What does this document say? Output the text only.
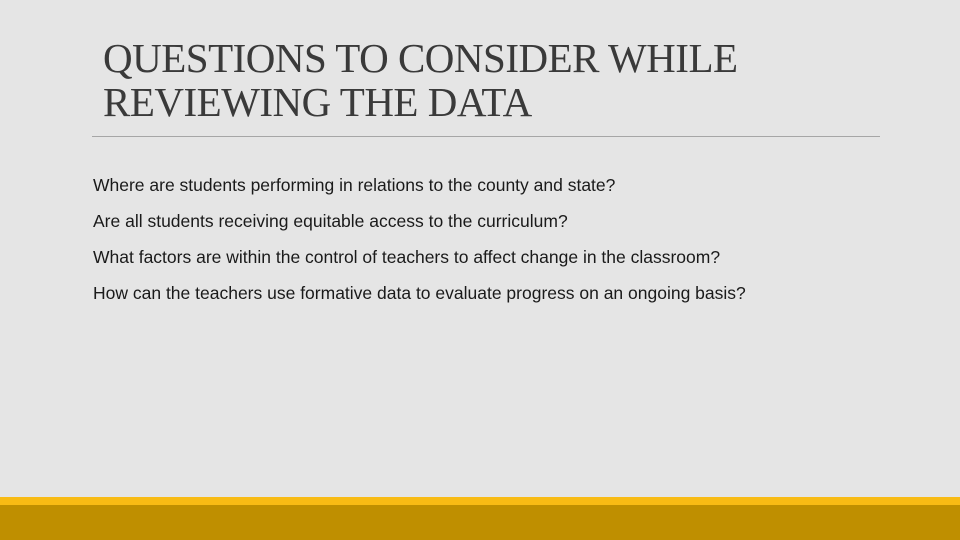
QUESTIONS TO CONSIDER WHILE
REVIEWING THE DATA
Where are students performing in relations to the county and state?
Are all students receiving equitable access to the curriculum?
What factors are within the control of teachers to affect change in the classroom?
How can the teachers use formative data to evaluate progress on an ongoing basis?
